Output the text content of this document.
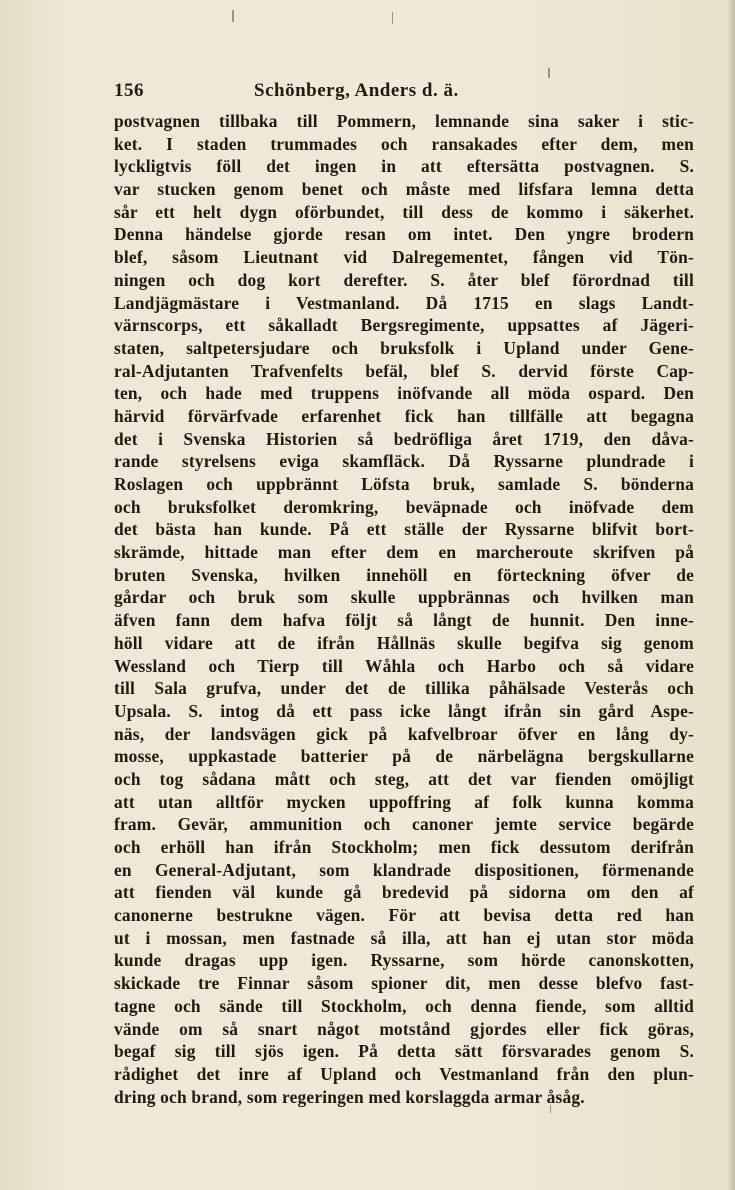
156	Schönberg, Anders d. ä.
postvagnen tillbaka till Pommern, lemnande sina saker i stic-
ket. I staden trummades och ransakades efter dem, men
lyckligtvis föll det ingen in att eftersätta postvagnen. S.
var stucken genom benet och måste med lifsfara lemna detta
sår ett helt dygn oförbundet, till dess de kommo i säkerhet.
Denna händelse gjorde resan om intet. Den yngre brodern
blef, såsom Lieutnant vid Dalregementet, fången vid Tön-
ningen och dog kort derefter. S. åter blef förordnad till
Landjägmästare i Vestmanland. Då 1715 en slags Landt-
värnscorps, ett såkalladt Bergsregimente, uppsattes af Jägeri-
staten, saltpetersjudare och bruksfolk i Upland under Gene-
ral-Adjutanten Trafvenfelts befäl, blef S. dervid förste Cap-
ten, och hade med truppens inöfvande all möda ospard. Den
härvid förvärfvade erfarenhet fick han tillfälle att begagna
det i Svenska Historien så bedröfliga året 1719, den dåva-
rande styrelsens eviga skamfläck. Då Ryssarne plundrade i
Roslagen och uppbrännt Löfsta bruk, samlade S. bönderna
och bruksfolket deromkring, beväpnade och inöfvade dem
det bästa han kunde. På ett ställe der Ryssarne blifvit bort-
skrämde, hittade man efter dem en marcheroute skrifven på
bruten Svenska, hvilken innehöll en förteckning öfver de
gårdar och bruk som skulle uppbrännas och hvilken man
äfven fann dem hafva följt så långt de hunnit. Den inne-
höll vidare att de ifrån Hållnäs skulle begifva sig genom
Wessland och Tierp till Wåhla och Harbo och så vidare
till Sala grufva, under det de tillika påhälsade Vesterås och
Upsala. S. intog då ett pass icke långt ifrån sin gård Aspe-
näs, der landsvägen gick på kafvelbroar öfver en lång dy-
mosse, uppkastade batterier på de närbelägna bergskullarne
och tog sådana mått och steg, att det var fienden omöjligt
att utan alltför mycken uppoffring af folk kunna komma
fram. Gevär, ammunition och canoner jemte service begärde
och erhöll han ifrån Stockholm; men fick dessutom derifrån
en General-Adjutant, som klandrade dispositionen, förmenande
att fienden väl kunde gå bredevid på sidorna om den af
canonerne bestrukne vägen. För att bevisa detta red han
ut i mossan, men fastnade så illa, att han ej utan stor möda
kunde dragas upp igen. Ryssarne, som hörde canonskotten,
skickade tre Finnar såsom spioner dit, men desse blefvo fast-
tagne och sände till Stockholm, och denna fiende, som alltid
vände om så snart något motstånd gjordes eller fick göras,
begaf sig till sjös igen. På detta sätt försvarades genom S.
rådighet det inre af Upland och Vestmanland från den plun-
dring och brand, som regeringen med korslaggda armar åsåg.
